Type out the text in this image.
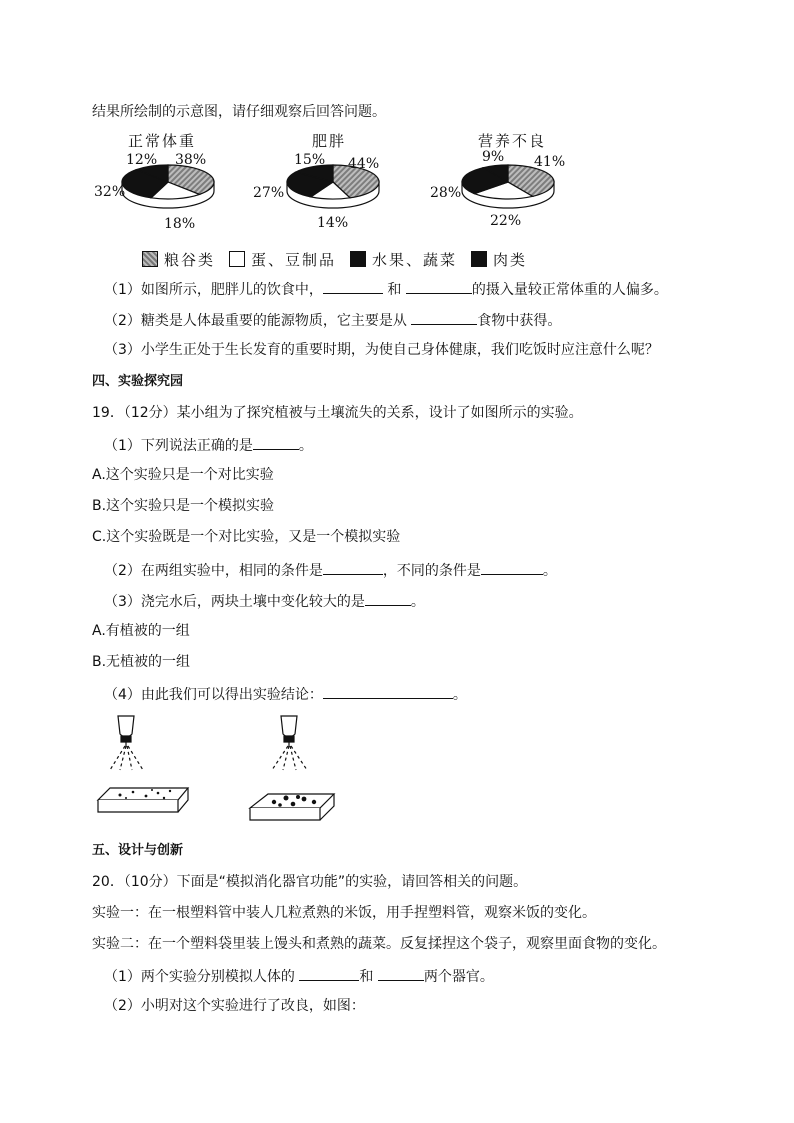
结果所绘制的示意图，请仔细观察后回答问题。
正常体重	肥胖	营养不良
12% 38%
32%
18%
15% 44%
27%
14%
9% 41%
28%
22%
粮谷类 蛋、豆制品 水果、蔬菜 肉类
（1）如图所示，肥胖儿的饮食中，	和	的摄入量较正常体重的人偏多。
（2）糖类是人体最重要的能源物质，它主要是从	食物中获得。
（3）小学生正处于生长发育的重要时期，为使自己身体健康，我们吃饭时应注意什么呢？
四、实验探究园
19．（12分）某小组为了探究植被与土壤流失的关系，设计了如图所示的实验。
（1）下列说法正确的是	。
A.这个实验只是一个对比实验
B.这个实验只是一个模拟实验
C.这个实验既是一个对比实验，又是一个模拟实验
（2）在两组实验中，相同的条件是	，不同的条件是	。
（3）浇完水后，两块土壤中变化较大的是	。
A.有植被的一组
B.无植被的一组
（4）由此我们可以得出实验结论：	。
五、设计与创新
20．（10分）下面是“模拟消化器官功能”的实验，请回答相关的问题。
实验一：在一根塑料管中装人几粒煮熟的米饭，用手捏塑料管，观察米饭的变化。
实验二：在一个塑料袋里装上馒头和煮熟的蔬菜。反复揉捏这个袋子，观察里面食物的变化。
（1）两个实验分别模拟人体的	和	两个器官。
（2）小明对这个实验进行了改良，如图：
